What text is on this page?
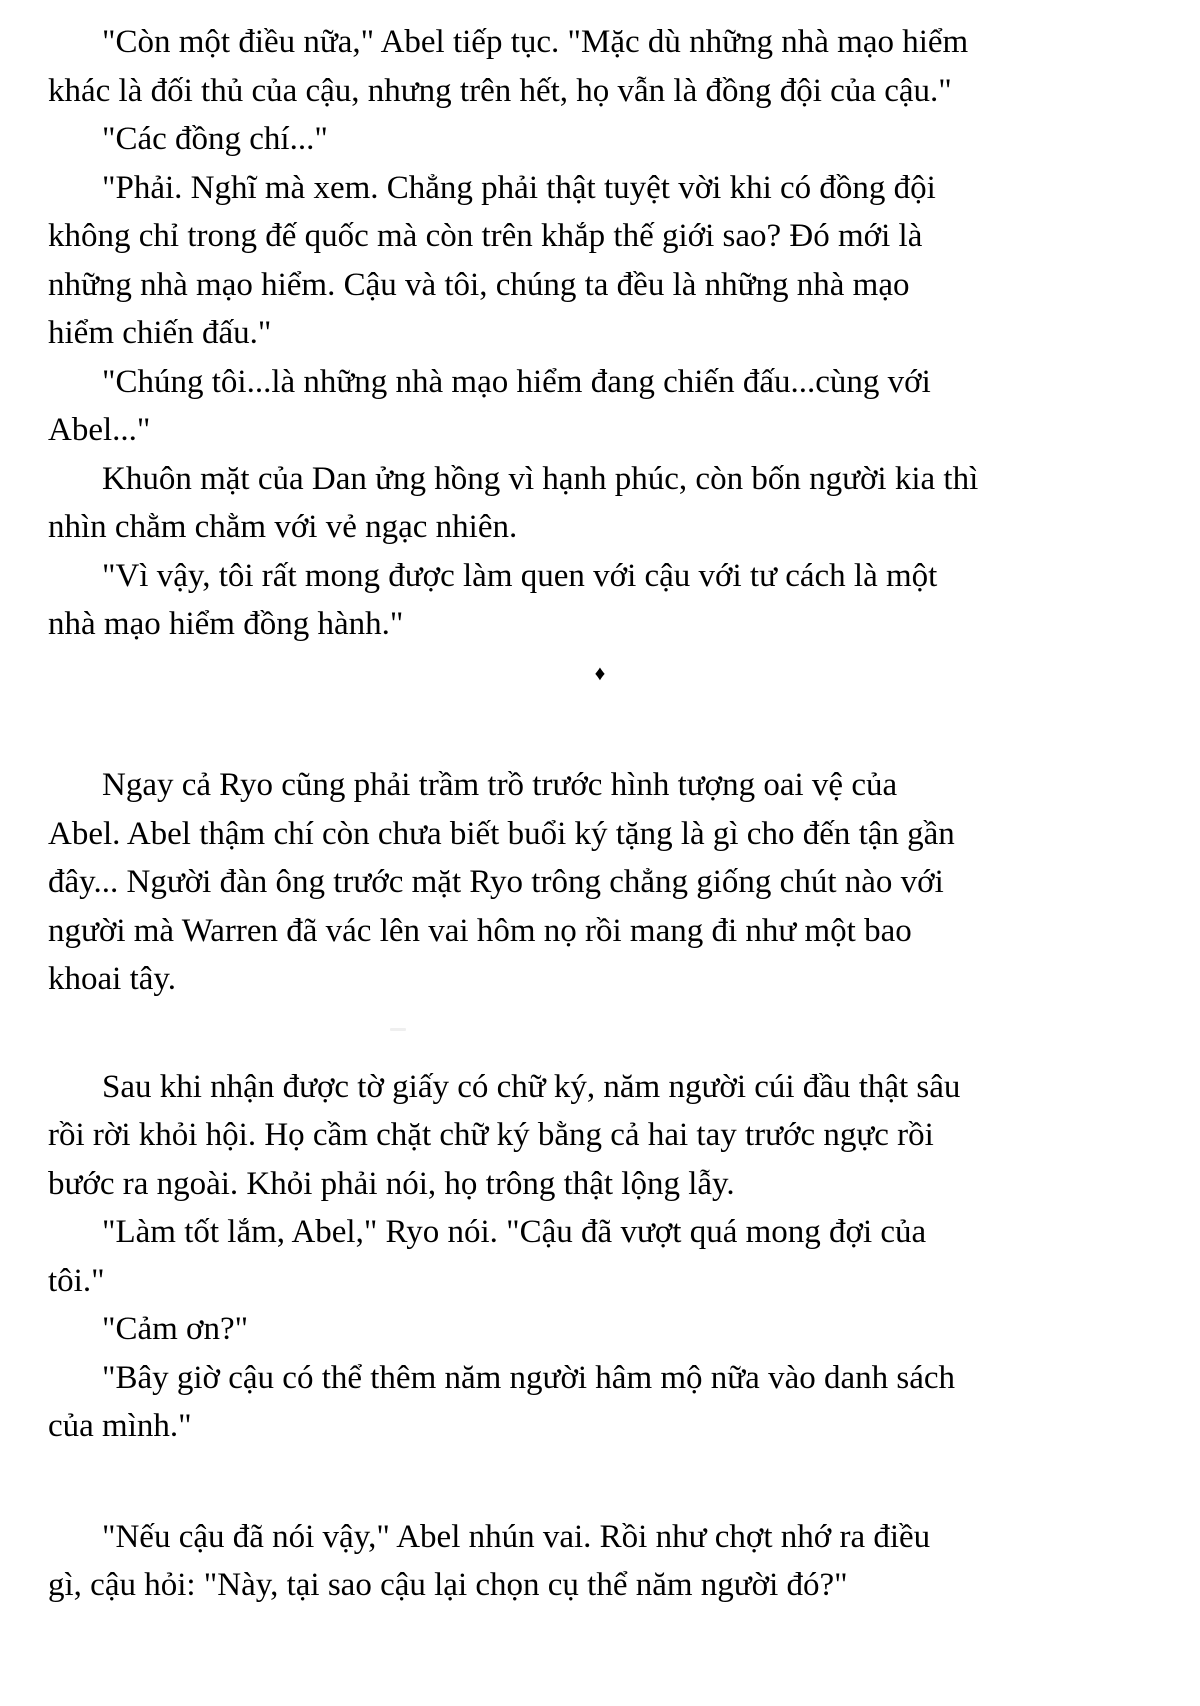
"Còn một điều nữa," Abel tiếp tục. "Mặc dù những nhà mạo hiểm
khác là đối thủ của cậu, nhưng trên hết, họ vẫn là đồng đội của cậu."

"Các đồng chí..."

"Phải. Nghĩ mà xem. Chẳng phải thật tuyệt vời khi có đồng đội
không chỉ trong đế quốc mà còn trên khắp thế giới sao? Đó mới là
những nhà mạo hiểm. Cậu và tôi, chúng ta đều là những nhà mạo
hiểm chiến đấu."

"Chúng tôi...là những nhà mạo hiểm đang chiến đấu...cùng với
Abel..."

Khuôn mặt của Dan ửng hồng vì hạnh phúc, còn bốn người kia thì
nhìn chằm chằm với vẻ ngạc nhiên.

"Vì vậy, tôi rất mong được làm quen với cậu với tư cách là một
nhà mạo hiểm đồng hành."

♦

Ngay cả Ryo cũng phải trầm trồ trước hình tượng oai vệ của
Abel. Abel thậm chí còn chưa biết buổi ký tặng là gì cho đến tận gần
đây... Người đàn ông trước mặt Ryo trông chẳng giống chút nào với
người mà Warren đã vác lên vai hôm nọ rồi mang đi như một bao
khoai tây.

Sau khi nhận được tờ giấy có chữ ký, năm người cúi đầu thật sâu
rồi rời khỏi hội. Họ cầm chặt chữ ký bằng cả hai tay trước ngực rồi
bước ra ngoài. Khỏi phải nói, họ trông thật lộng lẫy.

"Làm tốt lắm, Abel," Ryo nói. "Cậu đã vượt quá mong đợi của
tôi."

"Cảm ơn?"

"Bây giờ cậu có thể thêm năm người hâm mộ nữa vào danh sách
của mình."

"Nếu cậu đã nói vậy," Abel nhún vai. Rồi như chợt nhớ ra điều
gì, cậu hỏi: "Này, tại sao cậu lại chọn cụ thể năm người đó?"
